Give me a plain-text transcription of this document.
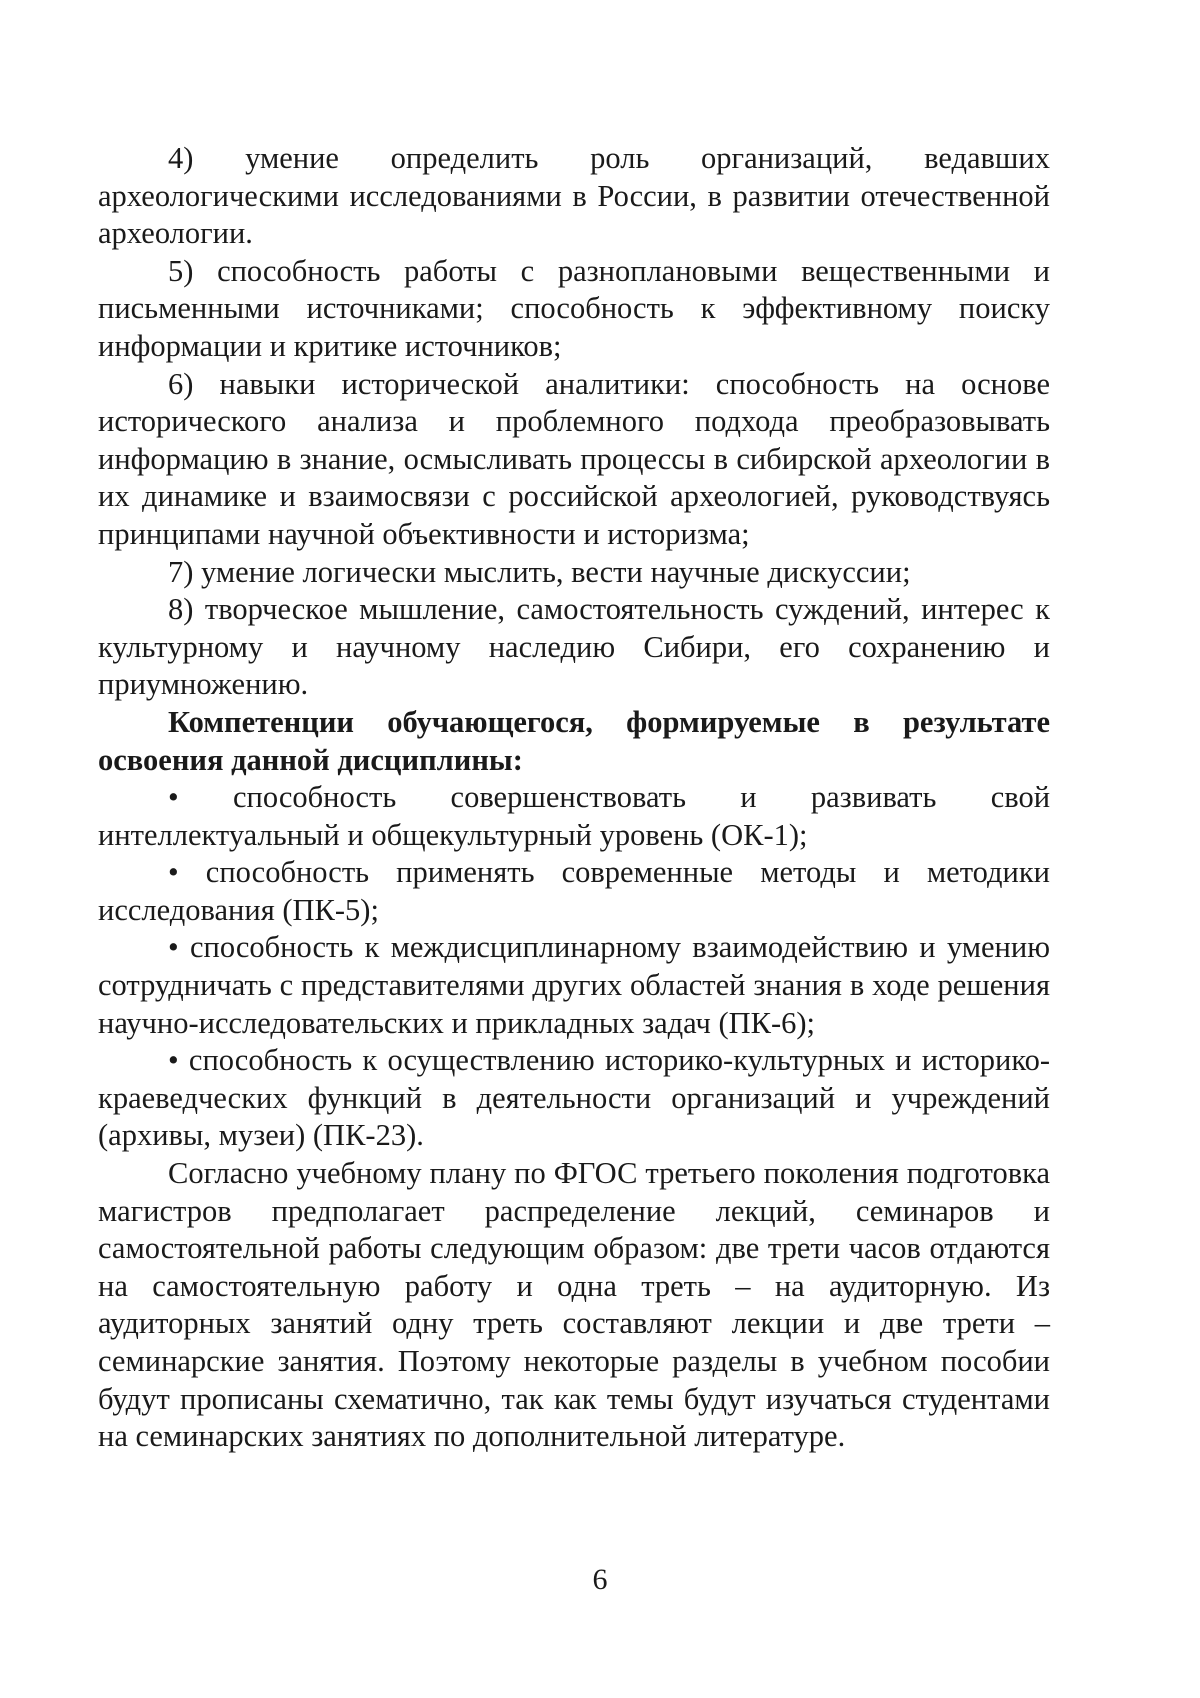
4) умение определить роль организаций, ведавших археологическими исследованиями в России, в развитии отечественной археологии.

5) способность работы с разноплановыми вещественными и письменными источниками; способность к эффективному поиску информации и критике источников;

6) навыки исторической аналитики: способность на основе исторического анализа и проблемного подхода преобразовывать информацию в знание, осмысливать процессы в сибирской археологии в их динамике и взаимосвязи с российской археологией, руководствуясь принципами научной объективности и историзма;

7) умение логически мыслить, вести научные дискуссии;

8) творческое мышление, самостоятельность суждений, интерес к культурному и научному наследию Сибири, его сохранению и приумножению.

Компетенции обучающегося, формируемые в результате освоения данной дисциплины:

• способность совершенствовать и развивать свой интеллектуальный и общекультурный уровень (ОК-1);

• способность применять современные методы и методики исследования (ПК-5);

• способность к междисциплинарному взаимодействию и умению сотрудничать с представителями других областей знания в ходе решения научно-исследовательских и прикладных задач (ПК-6);

• способность к осуществлению историко-культурных и историко-краеведческих функций в деятельности организаций и учреждений (архивы, музеи) (ПК-23).

Согласно учебному плану по ФГОС третьего поколения подготовка магистров предполагает распределение лекций, семинаров и самостоятельной работы следующим образом: две трети часов отдаются на самостоятельную работу и одна треть – на аудиторную. Из аудиторных занятий одну треть составляют лекции и две трети – семинарские занятия. Поэтому некоторые разделы в учебном пособии будут прописаны схематично, так как темы будут изучаться студентами на семинарских занятиях по дополнительной литературе.

6
